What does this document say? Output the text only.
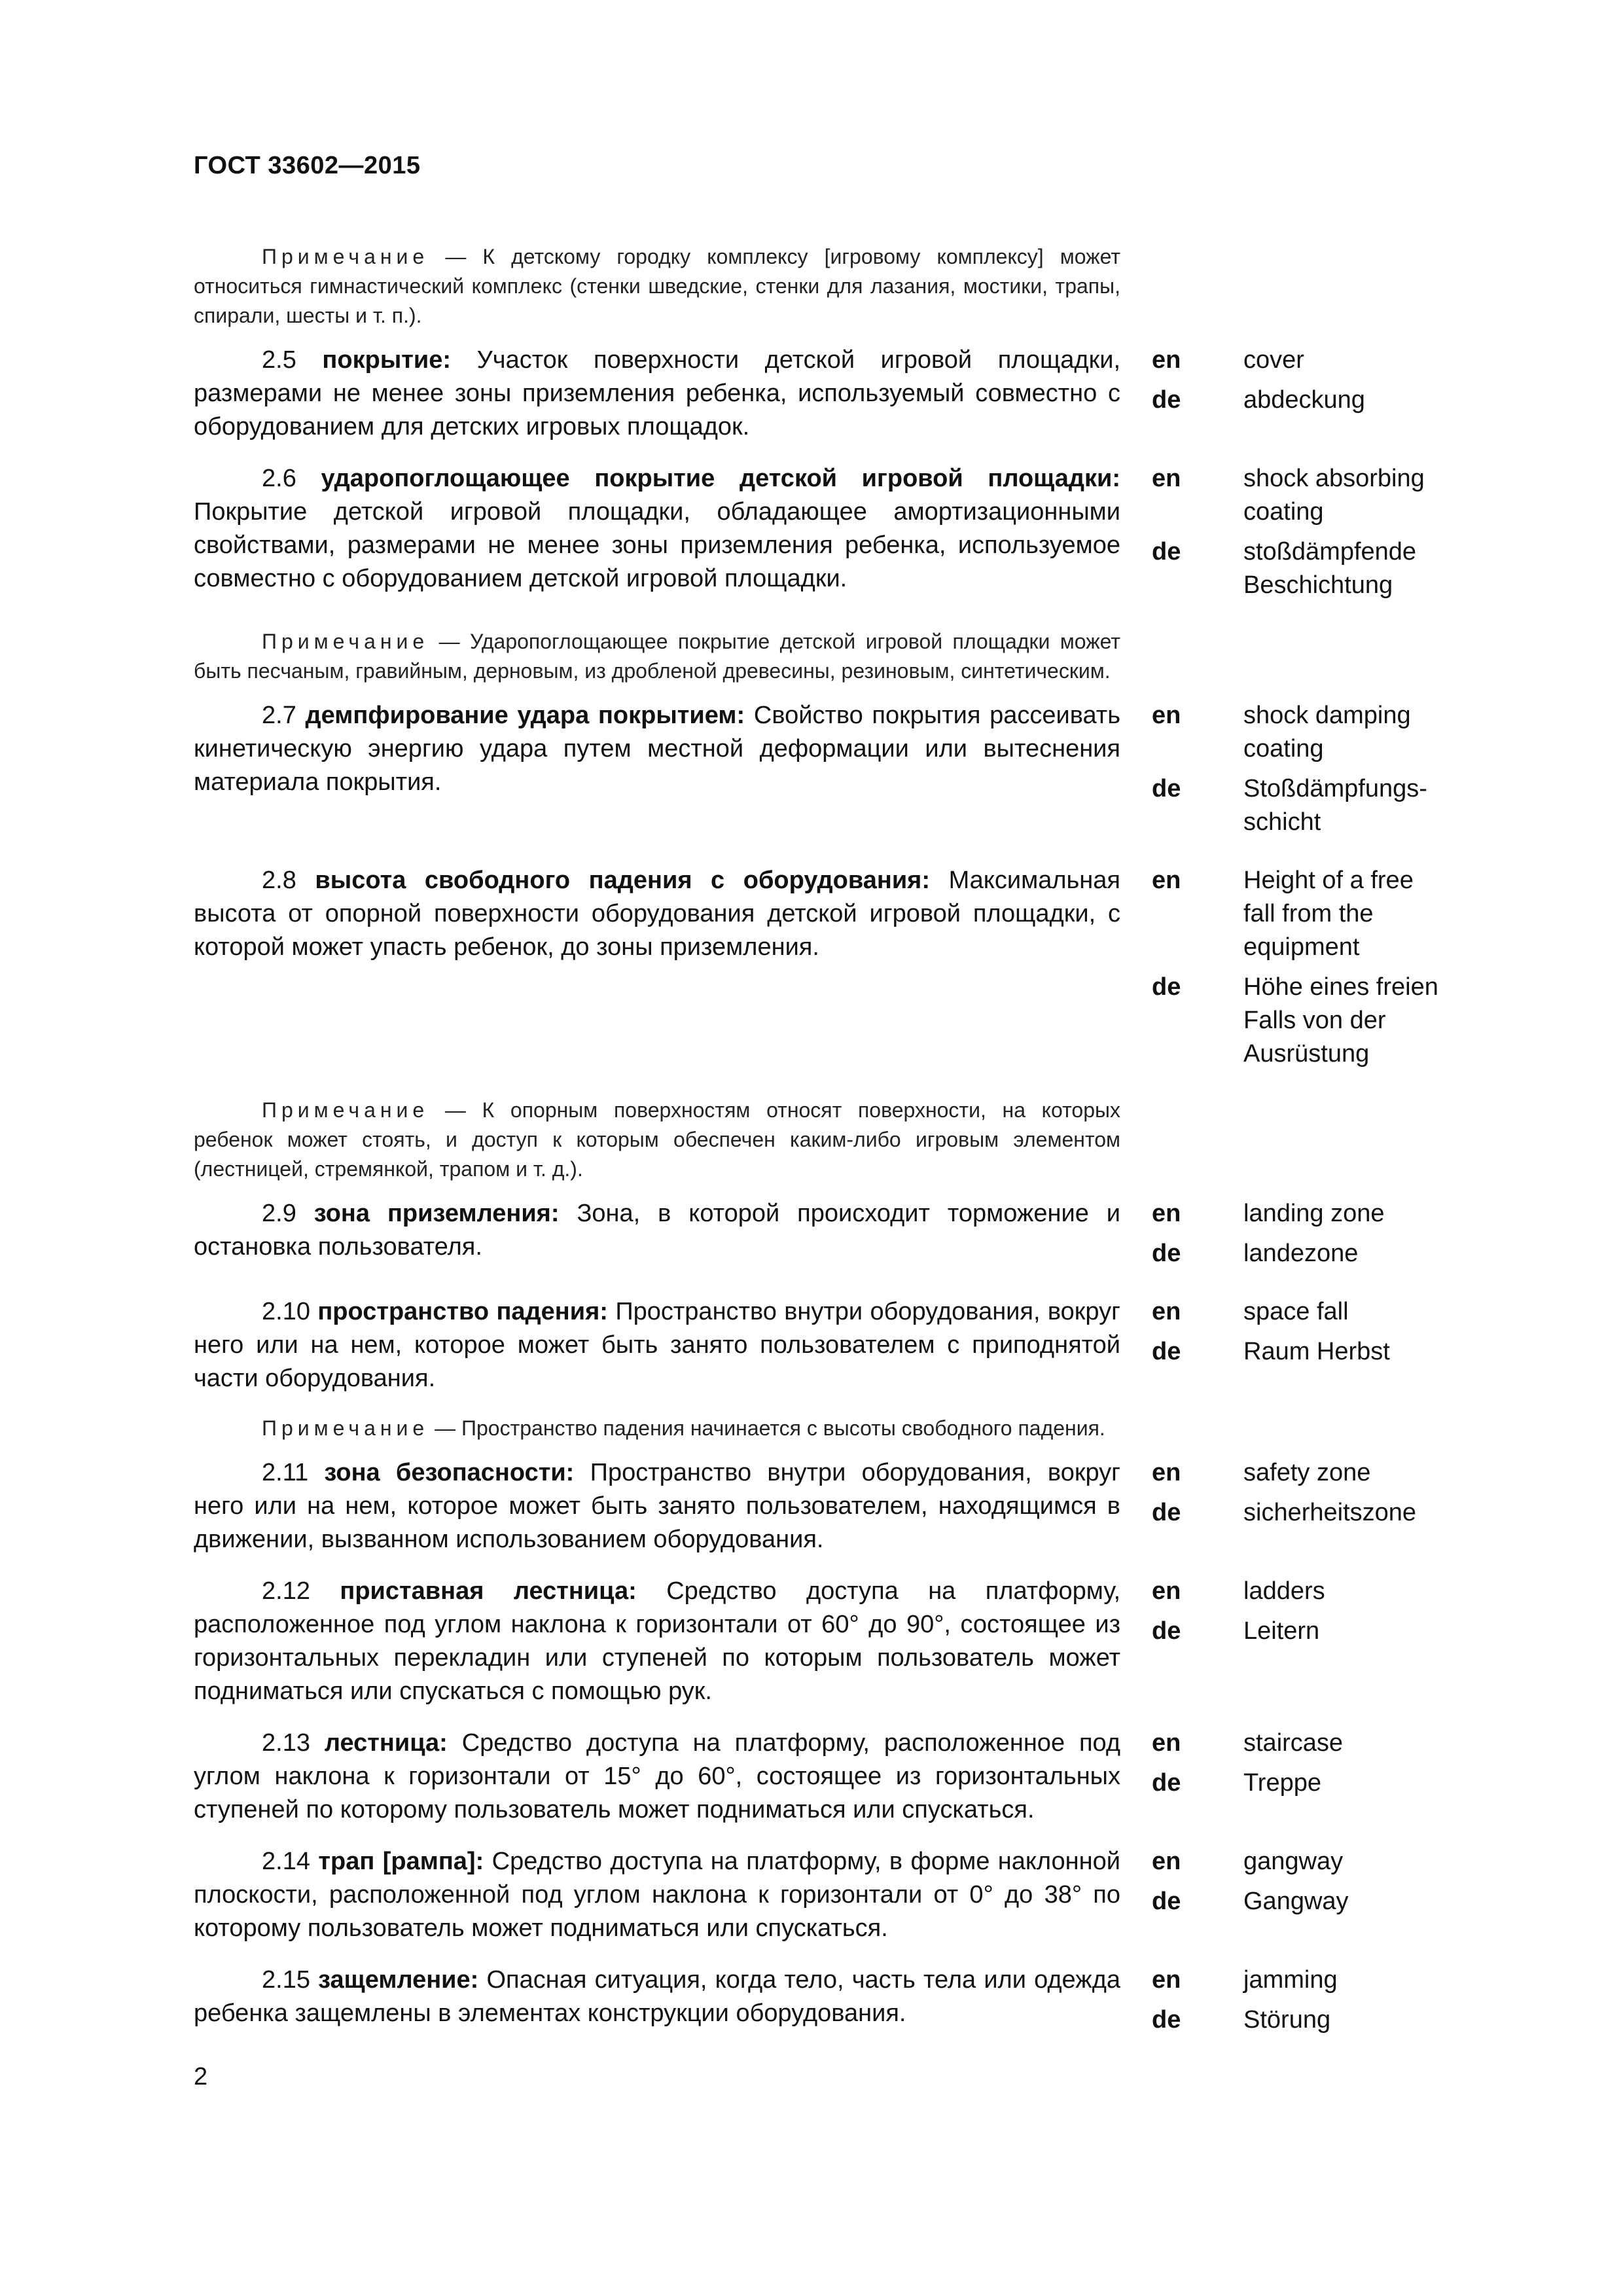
ГОСТ 33602—2015
Примечание — К детскому городку комплексу [игровому комплексу] может относиться гимнастический комплекс (стенки шведские, стенки для лазания, мостики, трапы, спирали, шесты и т. п.).
2.5 покрытие: Участок поверхности детской игровой площадки, размерами не менее зоны приземления ребенка, используемый совместно с оборудованием для детских игровых площадок.
en	cover
de	abdeckung
2.6 ударопоглощающее покрытие детской игровой площадки: Покрытие детской игровой площадки, обладающее амортизационными свойствами, размерами не менее зоны приземления ребенка, используемое совместно с оборудованием детской игровой площадки.
en	shock absorbing coating
de	stoßdämpfende Beschichtung
Примечание — Ударопоглощающее покрытие детской игровой площадки может быть песчаным, гравийным, дерновым, из дробленой древесины, резиновым, синтетическим.
2.7 демпфирование удара покрытием: Свойство покрытия рассеивать кинетическую энергию удара путем местной деформации или вытеснения материала покрытия.
en	shock damping coating
de	Stoßdämpfungs-schicht
2.8 высота свободного падения с оборудования: Максимальная высота от опорной поверхности оборудования детской игровой площадки, с которой может упасть ребенок, до зоны приземления.
en	Height of a free fall from the equipment
de	Höhe eines freien Falls von der Ausrüstung
Примечание — К опорным поверхностям относят поверхности, на которых ребенок может стоять, и доступ к которым обеспечен каким-либо игровым элементом (лестницей, стремянкой, трапом и т. д.).
2.9 зона приземления: Зона, в которой происходит торможение и остановка пользователя.
en	landing zone
de	landezone
2.10 пространство падения: Пространство внутри оборудования, вокруг него или на нем, которое может быть занято пользователем с приподнятой части оборудования.
en	space fall
de	Raum Herbst
Примечание — Пространство падения начинается с высоты свободного падения.
2.11 зона безопасности: Пространство внутри оборудования, вокруг него или на нем, которое может быть занято пользователем, находящимся в движении, вызванном использованием оборудования.
en	safety zone
de	sicherheitszone
2.12 приставная лестница: Средство доступа на платформу, расположенное под углом наклона к горизонтали от 60° до 90°, состоящее из горизонтальных перекладин или ступеней по которым пользователь может подниматься или спускаться с помощью рук.
en	ladders
de	Leitern
2.13 лестница: Средство доступа на платформу, расположенное под углом наклона к горизонтали от 15° до 60°, состоящее из горизонтальных ступеней по которому пользователь может подниматься или спускаться.
en	staircase
de	Treppe
2.14 трап [рампа]: Средство доступа на платформу, в форме наклонной плоскости, расположенной под углом наклона к горизонтали от 0° до 38° по которому пользователь может подниматься или спускаться.
en	gangway
de	Gangway
2.15 защемление: Опасная ситуация, когда тело, часть тела или одежда ребенка защемлены в элементах конструкции оборудования.
en	jamming
de	Störung
2
